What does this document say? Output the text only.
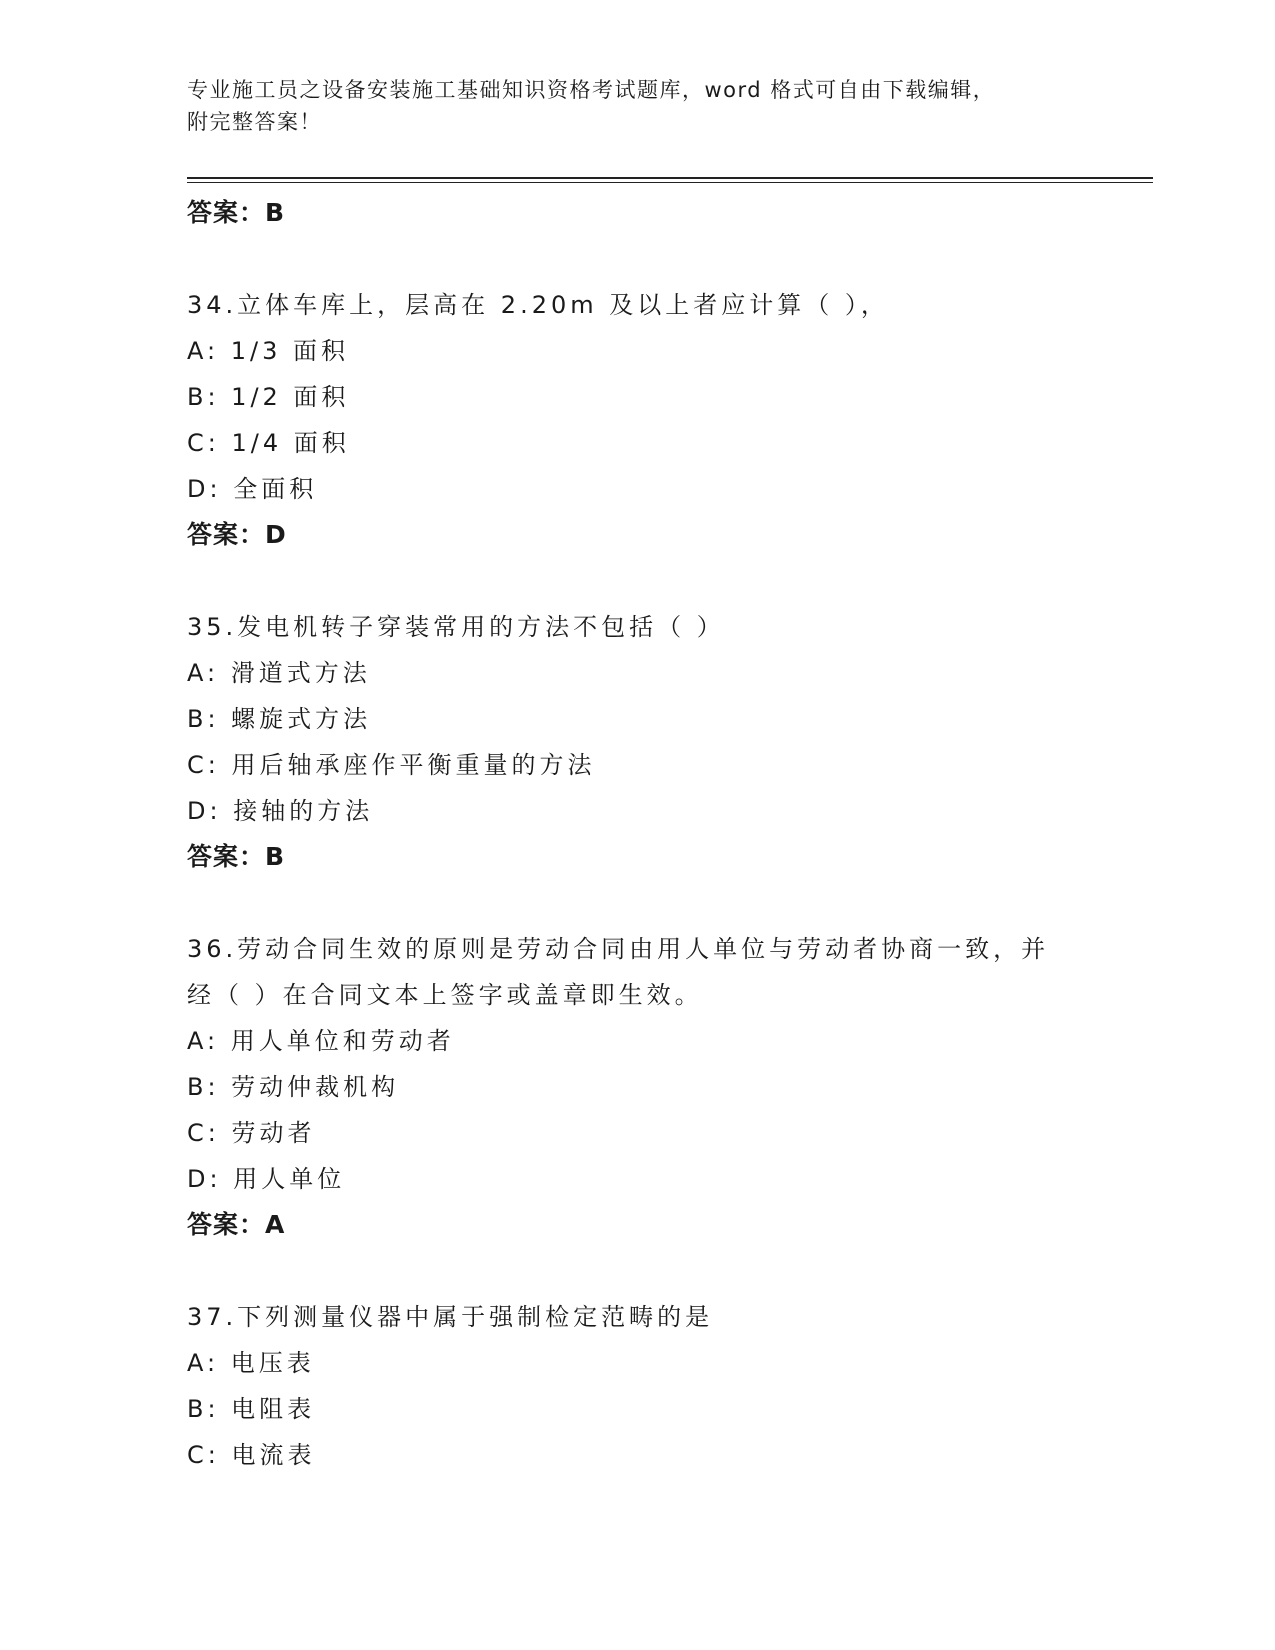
专业施工员之设备安装施工基础知识资格考试题库，word 格式可自由下载编辑，
附完整答案！
答案：B
34.立体车库上，层高在 2.20m 及以上者应计算（ ），
A: 1/3 面积
B: 1/2 面积
C: 1/4 面积
D: 全面积
答案：D
35.发电机转子穿装常用的方法不包括（ ）
A: 滑道式方法
B: 螺旋式方法
C: 用后轴承座作平衡重量的方法
D: 接轴的方法
答案：B
36.劳动合同生效的原则是劳动合同由用人单位与劳动者协商一致，并
经（ ）在合同文本上签字或盖章即生效。
A: 用人单位和劳动者
B: 劳动仲裁机构
C: 劳动者
D: 用人单位
答案：A
37.下列测量仪器中属于强制检定范畴的是
A: 电压表
B: 电阻表
C: 电流表
